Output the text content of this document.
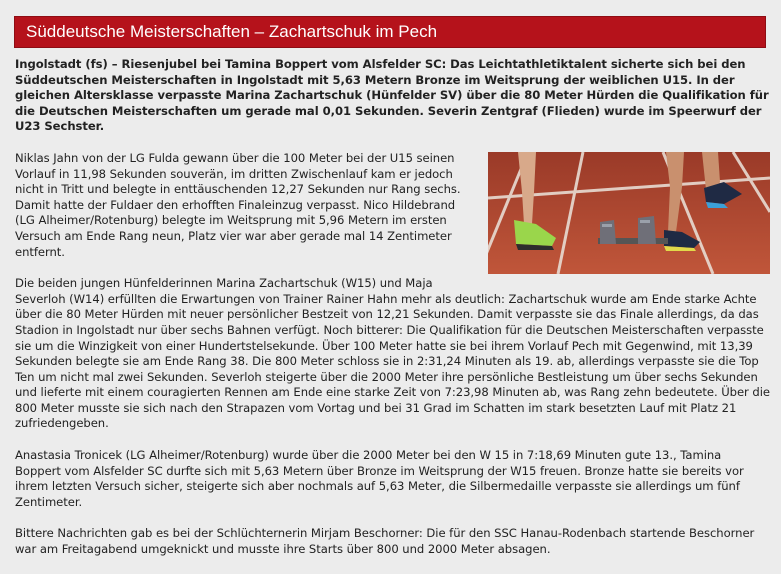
Süddeutsche Meisterschaften – Zachartschuk im Pech

Ingolstadt (fs) – Riesenjubel bei Tamina Boppert vom Alsfelder SC: Das Leichtathletiktalent sicherte sich bei den Süddeutschen Meisterschaften in Ingolstadt mit 5,63 Metern Bronze im Weitsprung der weiblichen U15. In der gleichen Altersklasse verpasste Marina Zachartschuk (Hünfelder SV) über die 80 Meter Hürden die Qualifikation für die Deutschen Meisterschaften um gerade mal 0,01 Sekunden. Severin Zentgraf (Flieden) wurde im Speerwurf der U23 Sechster.

Niklas Jahn von der LG Fulda gewann über die 100 Meter bei der U15 seinen Vorlauf in 11,98 Sekunden souverän, im dritten Zwischenlauf kam er jedoch nicht in Tritt und belegte in enttäuschenden 12,27 Sekunden nur Rang sechs. Damit hatte der Fuldaer den erhofften Finaleinzug verpasst. Nico Hildebrand (LG Alheimer/Rotenburg) belegte im Weitsprung mit 5,96 Metern im ersten Versuch am Ende Rang neun, Platz vier war aber gerade mal 14 Zentimeter entfernt.

Die beiden jungen Hünfelderinnen Marina Zachartschuk (W15) und Maja Severloh (W14) erfüllten die Erwartungen von Trainer Rainer Hahn mehr als deutlich: Zachartschuk wurde am Ende starke Achte über die 80 Meter Hürden mit neuer persönlicher Bestzeit von 12,21 Sekunden. Damit verpasste sie das Finale allerdings, da das Stadion in Ingolstadt nur über sechs Bahnen verfügt. Noch bitterer: Die Qualifikation für die Deutschen Meisterschaften verpasste sie um die Winzigkeit von einer Hundertstelsekunde. Über 100 Meter hatte sie bei ihrem Vorlauf Pech mit Gegenwind, mit 13,39 Sekunden belegte sie am Ende Rang 38. Die 800 Meter schloss sie in 2:31,24 Minuten als 19. ab, allerdings verpasste sie die Top Ten um nicht mal zwei Sekunden. Severloh steigerte über die 2000 Meter ihre persönliche Bestleistung um über sechs Sekunden und lieferte mit einem couragierten Rennen am Ende eine starke Zeit von 7:23,98 Minuten ab, was Rang zehn bedeutete. Über die 800 Meter musste sie sich nach den Strapazen vom Vortag und bei 31 Grad im Schatten im stark besetzten Lauf mit Platz 21 zufriedengeben.

Anastasia Tronicek (LG Alheimer/Rotenburg) wurde über die 2000 Meter bei den W 15 in 7:18,69 Minuten gute 13., Tamina Boppert vom Alsfelder SC durfte sich mit 5,63 Metern über Bronze im Weitsprung der W15 freuen. Bronze hatte sie bereits vor ihrem letzten Versuch sicher, steigerte sich aber nochmals auf 5,63 Meter, die Silbermedaille verpasste sie allerdings um fünf Zentimeter.

Bittere Nachrichten gab es bei der Schlüchternerin Mirjam Beschorner: Die für den SSC Hanau-Rodenbach startende Beschorner war am Freitagabend umgeknickt und musste ihre Starts über 800 und 2000 Meter absagen.
